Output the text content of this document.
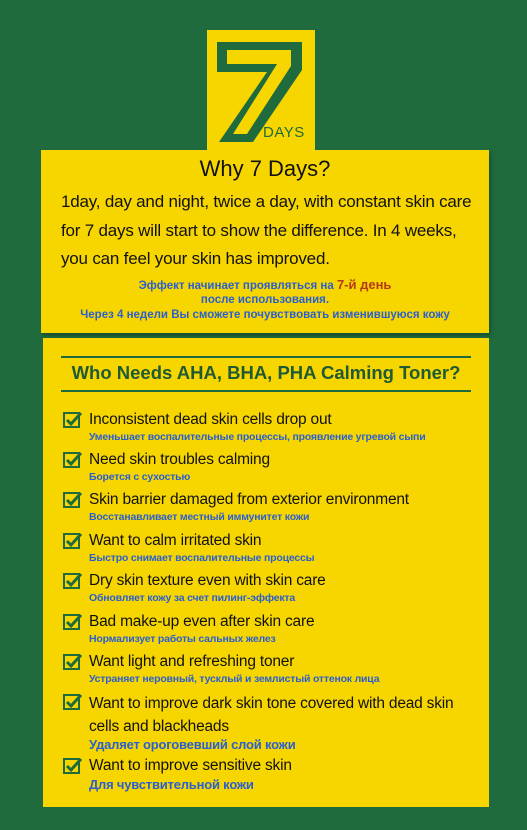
DAYS
Why 7 Days?
1day, day and night, twice a day, with constant skin care
for 7 days will start to show the difference. In 4 weeks,
you can feel your skin has improved.
Эффект начинает проявляться на 7-й день
после использования.
Через 4 недели Вы сможете почувствовать изменившуюся кожу
Who Needs AHA, BHA, PHA Calming Toner?
Inconsistent dead skin cells drop out
Уменьшает воспалительные процессы, проявление угревой сыпи
Need skin troubles calming
Борется с сухостью
Skin barrier damaged from exterior environment
Восстанавливает местный иммунитет кожи
Want to calm irritated skin
Быстро снимает воспалительные процессы
Dry skin texture even with skin care
Обновляет кожу за счет пилинг-эффекта
Bad make-up even after skin care
Нормализует работы сальных желез
Want light and refreshing toner
Устраняет неровный, тусклый и землистый оттенок лица
Want to improve dark skin tone covered with dead skin
cells and blackheads
Удаляет ороговевший слой кожи
Want to improve sensitive skin
Для чувствительной кожи
